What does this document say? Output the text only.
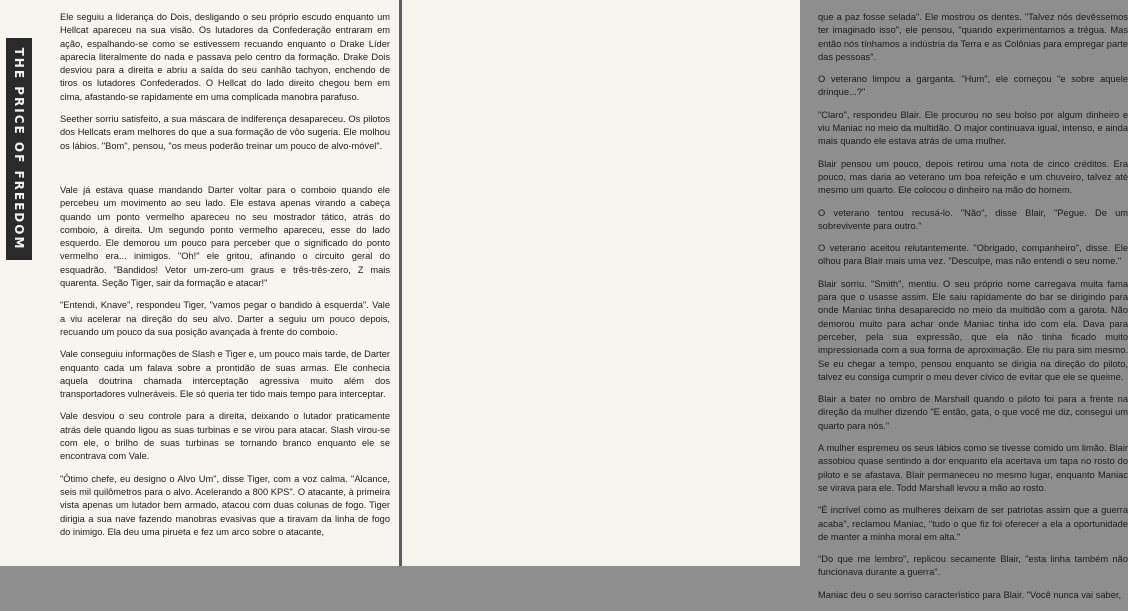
THE PRICE OF FREEDOM

Ele seguiu a liderança do Dois, desligando o seu próprio escudo enquanto um Hellcat apareceu na sua visão. Os lutadores da Confederação entraram em ação, espalhando-se como se estivessem recuando enquanto o Drake Líder aparecia literalmente do nada e passava pelo centro da formação. Drake Dois desviou para a direita e abriu a saída do seu canhão tachyon, enchendo de tiros os lutadores Confederados. O Hellcat do lado direito chegou bem em cima, afastando-se rapidamente em uma complicada manobra parafuso.

Seether sorriu satisfeito, a sua máscara de indiferença desapareceu. Os pilotos dos Hellcats eram melhores do que a sua formação de vôo sugeria. Ele molhou os lábios. "Bom", pensou, "os meus poderão treinar um pouco de alvo-móvel".

Vale já estava quase mandando Darter voltar para o comboio quando ele percebeu um movimento ao seu lado. Ele estava apenas virando a cabeça quando um ponto vermelho apareceu no seu mostrador tático, atrás do comboio, à direita. Um segundo ponto vermelho apareceu, esse do lado esquerdo. Ele demorou um pouco para perceber que o significado do ponto vermelho era... inimigos. "Oh!" ele gritou, afinando o circuito geral do esquadrão. "Bandidos! Vetor um-zero-um graus e três-três-zero, Z mais quarenta. Seção Tiger, sair da formação e atacar!"

"Entendi, Knave", respondeu Tiger, "vamos pegar o bandido à esquerda". Vale a viu acelerar na direção do seu alvo. Darter a seguiu um pouco depois, recuando um pouco da sua posição avançada à frente do comboio.

Vale conseguiu informações de Slash e Tiger e, um pouco mais tarde, de Darter enquanto cada um falava sobre a prontidão de suas armas. Ele conhecia aquela doutrina chamada interceptação agressiva muito além dos transportadores vulneráveis. Ele só queria ter tido mais tempo para interceptar.

Vale desviou o seu controle para a direita, deixando o lutador praticamente atrás dele quando ligou as suas turbinas e se virou para atacar. Slash virou-se com ele, o brilho de suas turbinas se tornando branco enquanto ele se encontrava com Vale.

"Ótimo chefe, eu designo o Alvo Um", disse Tiger, com a voz calma. "Alcance, seis mil quilômetros para o alvo. Acelerando a 800 KPS". O atacante, à primeira vista apenas um lutador bem armado, atacou com duas colunas de fogo. Tiger dirigia a sua nave fazendo manobras evasivas que a tiravam da linha de fogo do inimigo. Ela deu uma pirueta e fez um arco sobre o atacante,

que a paz fosse selada". Ele mostrou os dentes. "Talvez nós devêssemos ter imaginado isso", ele pensou, "quando experimentamos a trégua. Mas então nós tínhamos a indústria da Terra e as Colônias para empregar parte das pessoas".

O veterano limpou a garganta. "Hum", ele começou "e sobre aquele drinque...?"

"Claro", respondeu Blair. Ele procurou no seu bolso por algum dinheiro e viu Maniac no meio da multidão. O major continuava igual, intenso, e ainda mais quando ele estava atrás de uma mulher.

Blair pensou um pouco, depois retirou uma nota de cinco créditos. Era pouco, mas daria ao veterano um boa refeição e um chuveiro, talvez até mesmo um quarto. Ele colocou o dinheiro na mão do homem.

O veterano tentou recusá-lo. "Não", disse Blair, "Pegue. De um sobrevivente para outro."

O veterano aceitou relutantemente. "Obrigado, companheiro", disse. Ele olhou para Blair mais uma vez. "Desculpe, mas não entendi o seu nome."

Blair sorriu. "Smith", mentiu. O seu próprio nome carregava muita fama para que o usasse assim. Ele saiu rapidamente do bar se dirigindo para onde Maniac tinha desaparecido no meio da multidão com a garota. Não demorou muito para achar onde Maniac tinha ido com ela. Dava para perceber, pela sua expressão, que ela não tinha ficado muito impressionada com a sua forma de aproximação. Ele riu para sim mesmo. Se eu chegar a tempo, pensou enquanto se dirigia na direção do piloto, talvez eu consiga cumprir o meu dever cívico de evitar que ele se queime.

Blair a bater no ombro de Marshall quando o piloto foi para a frente na direção da mulher dizendo "E então, gata, o que você me diz, consegui um quarto para nós."

A mulher espremeu os seus lábios como se tivesse comido um limão. Blair assobiou quase sentindo a dor enquanto ela acertava um tapa no rosto do piloto e se afastava. Blair permaneceu no mesmo lugar, enquanto Maniac se virava para ele. Todd Marshall levou a mão ao rosto.

"É incrível como as mulheres deixam de ser patriotas assim que a guerra acaba", reclamou Maniac, "tudo o que fiz foi oferecer a ela a oportunidade de manter a minha moral em alta."

"Do que me lembro", replicou secamente Blair, "esta linha também não funcionava durante a guerra".

Maniac deu o seu sorriso característico para Blair. "Você nunca vai saber,
